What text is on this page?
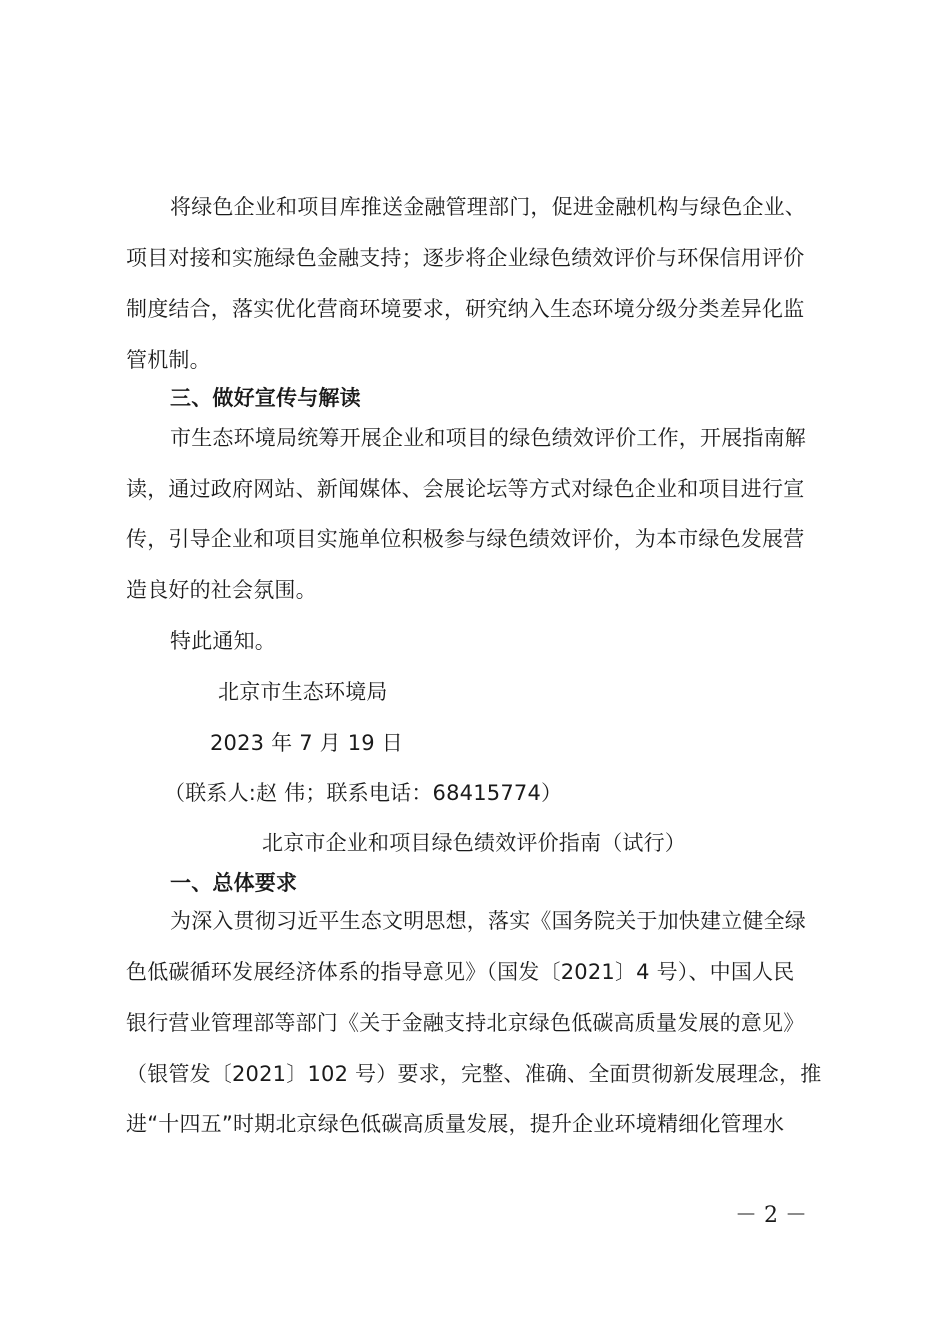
将绿色企业和项目库推送金融管理部门，促进金融机构与绿色企业、
项目对接和实施绿色金融支持；逐步将企业绿色绩效评价与环保信用评价
制度结合，落实优化营商环境要求，研究纳入生态环境分级分类差异化监
管机制。
三、做好宣传与解读
市生态环境局统筹开展企业和项目的绿色绩效评价工作，开展指南解
读，通过政府网站、新闻媒体、会展论坛等方式对绿色企业和项目进行宣
传，引导企业和项目实施单位积极参与绿色绩效评价，为本市绿色发展营
造良好的社会氛围。
特此通知。
北京市生态环境局
2023 年 7 月 19 日
（联系人:赵 伟；联系电话：68415774）
北京市企业和项目绿色绩效评价指南（试行）
一、总体要求
为深入贯彻习近平生态文明思想，落实《国务院关于加快建立健全绿
色低碳循环发展经济体系的指导意见》（国发〔2021〕4 号）、中国人民
银行营业管理部等部门《关于金融支持北京绿色低碳高质量发展的意见》
（银管发〔2021〕102 号）要求，完整、准确、全面贯彻新发展理念，推
进“十四五”时期北京绿色低碳高质量发展，提升企业环境精细化管理水
－ 2 －
